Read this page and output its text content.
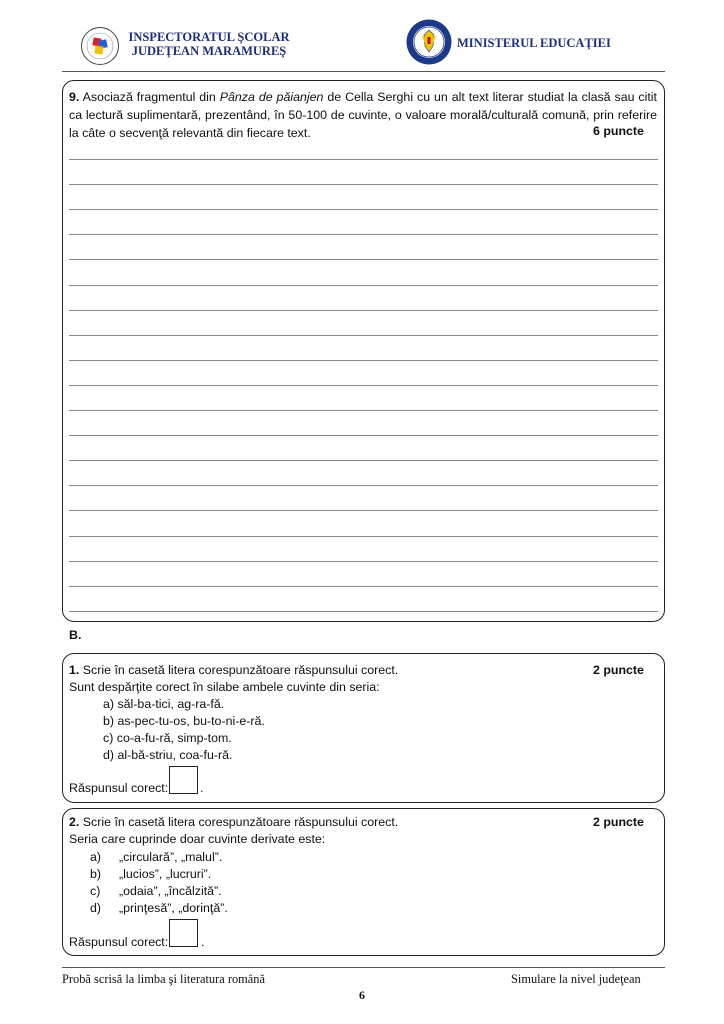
INSPECTORATUL ŞCOLAR
JUDEŢEAN MARAMUREŞ
MINISTERUL EDUCAŢIEI
9. Asociază fragmentul din Pânza de păianjen de Cella Serghi cu un alt text literar studiat la clasă sau citit ca lectură suplimentară, prezentând, în 50-100 de cuvinte, o valoare morală/culturală comună, prin referire la câte o secvenţă relevantă din fiecare text.	6 puncte
B.
1. Scrie în casetă litera corespunzătoare răspunsului corect.	2 puncte
Sunt despărţite corect în silabe ambele cuvinte din seria:
a) săl-ba-tici, ag-ra-fă.
b) as-pec-tu-os, bu-to-ni-e-ră.
c) co-a-fu-ră, simp-tom.
d) al-bă-striu, coa-fu-ră.
Răspunsul corect:	.
2. Scrie în casetă litera corespunzătoare răspunsului corect.	2 puncte
Seria care cuprinde doar cuvinte derivate este:
a) „circulară”, „malul”.
b) „lucios”, „lucruri”.
c) „odaia”, „încălzită”.
d) „prinţesă”, „dorinţă”.
Răspunsul corect:	.
Probă scrisă la limba şi literatura română	Simulare la nivel judeţean
6
